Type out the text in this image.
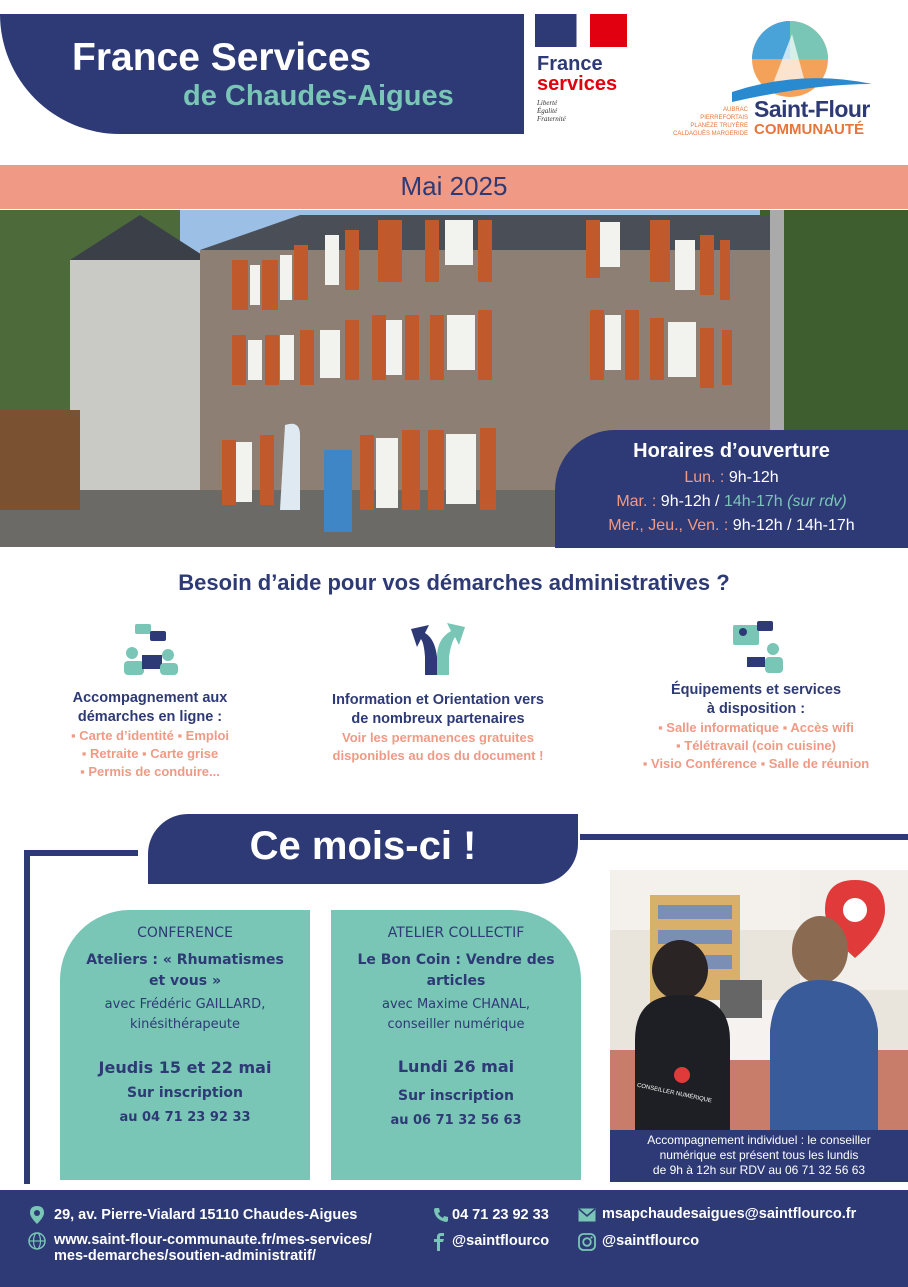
France Services
de Chaudes-Aigues
France
services
Liberté
Égalité
Fraternité
AUBRAC
PIERREFORTAIS
PLANÈZE TRUYÈRE
CALDAGUÈS MARGERIDE
Saint-Flour
COMMUNAUTÉ
Mai 2025
Horaires d’ouverture
Lun. : 9h-12h
Mar. : 9h-12h / 14h-17h (sur rdv)
Mer., Jeu., Ven. : 9h-12h / 14h-17h
Besoin d’aide pour vos démarches administratives ?
Accompagnement aux
démarches en ligne :
▪ Carte d’identité ▪ Emploi
▪ Retraite ▪ Carte grise
▪ Permis de conduire...
Information et Orientation vers
de nombreux partenaires
Voir les permanences gratuites
disponibles au dos du document !
Équipements et services
à disposition :
▪ Salle informatique ▪ Accès wifi
▪ Télétravail (coin cuisine)
▪ Visio Conférence ▪ Salle de réunion
Ce mois-ci !
CONFERENCE
Ateliers : « Rhumatismes
et vous »
avec Frédéric GAILLARD,
kinésithérapeute
Jeudis 15 et 22 mai
Sur inscription
au 04 71 23 92 33
ATELIER COLLECTIF
Le Bon Coin : Vendre des
articles
avec Maxime CHANAL,
conseiller numérique
Lundi 26 mai
Sur inscription
au 06 71 32 56 63
CONSEILLER NUMÉRIQUE
Accompagnement individuel : le conseiller
numérique est présent tous les lundis
de 9h à 12h sur RDV au 06 71 32 56 63
29, av. Pierre-Vialard 15110 Chaudes-Aigues
www.saint-flour-communaute.fr/mes-services/
mes-demarches/soutien-administratif/
04 71 23 92 33
@saintflourco
msapchaudesaigues@saintflourco.fr
@saintflourco
